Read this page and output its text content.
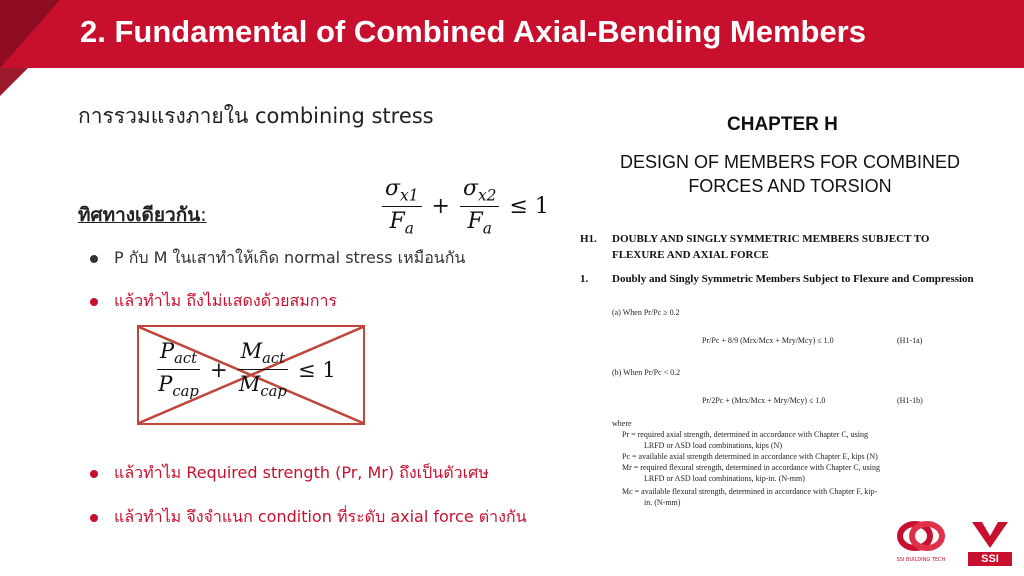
2. Fundamental of Combined Axial-Bending Members
การรวมแรงภายใน combining stress
ทิศทางเดียวกัน:	$\frac{\sigma_{x1}}{F_a} + \frac{\sigma_{x2}}{F_a} \le 1$
P กับ M ในเสาทำให้เกิด normal stress เหมือนกัน
แล้วทำไม ถึงไม่แสดงด้วยสมการ
$\frac{P_{act}}{P_{cap}} + \frac{M_{act}}{M_{cap}} \le 1$
แล้วทำไม Required strength (Pr, Mr) ถึงเป็นตัวเศษ
แล้วทำไม จึงจำแนก condition ที่ระดับ axial force ต่างกัน
CHAPTER H
DESIGN OF MEMBERS FOR COMBINED
FORCES AND TORSION
H1. DOUBLY AND SINGLY SYMMETRIC MEMBERS SUBJECT TO
FLEXURE AND AXIAL FORCE
1. Doubly and Singly Symmetric Members Subject to Flexure and Compression
(a) When Pr/Pc ≥ 0.2
Pr/Pc + 8/9 (Mrx/Mcx + Mry/Mcy) ≤ 1.0	(H1-1a)
(b) When Pr/Pc < 0.2
Pr/2Pc + (Mrx/Mcx + Mry/Mcy) ≤ 1.0	(H1-1b)
where
Pr = required axial strength, determined in accordance with Chapter C, using
LRFD or ASD load combinations, kips (N)
Pc = available axial strength determined in accordance with Chapter E, kips (N)
Mr = required flexural strength, determined in accordance with Chapter C, using
LRFD or ASD load combinations, kip-in. (N-mm)
Mc = available flexural strength, determined in accordance with Chapter F, kip-
in. (N-mm)
SSI BUILDING TECH	SSI
